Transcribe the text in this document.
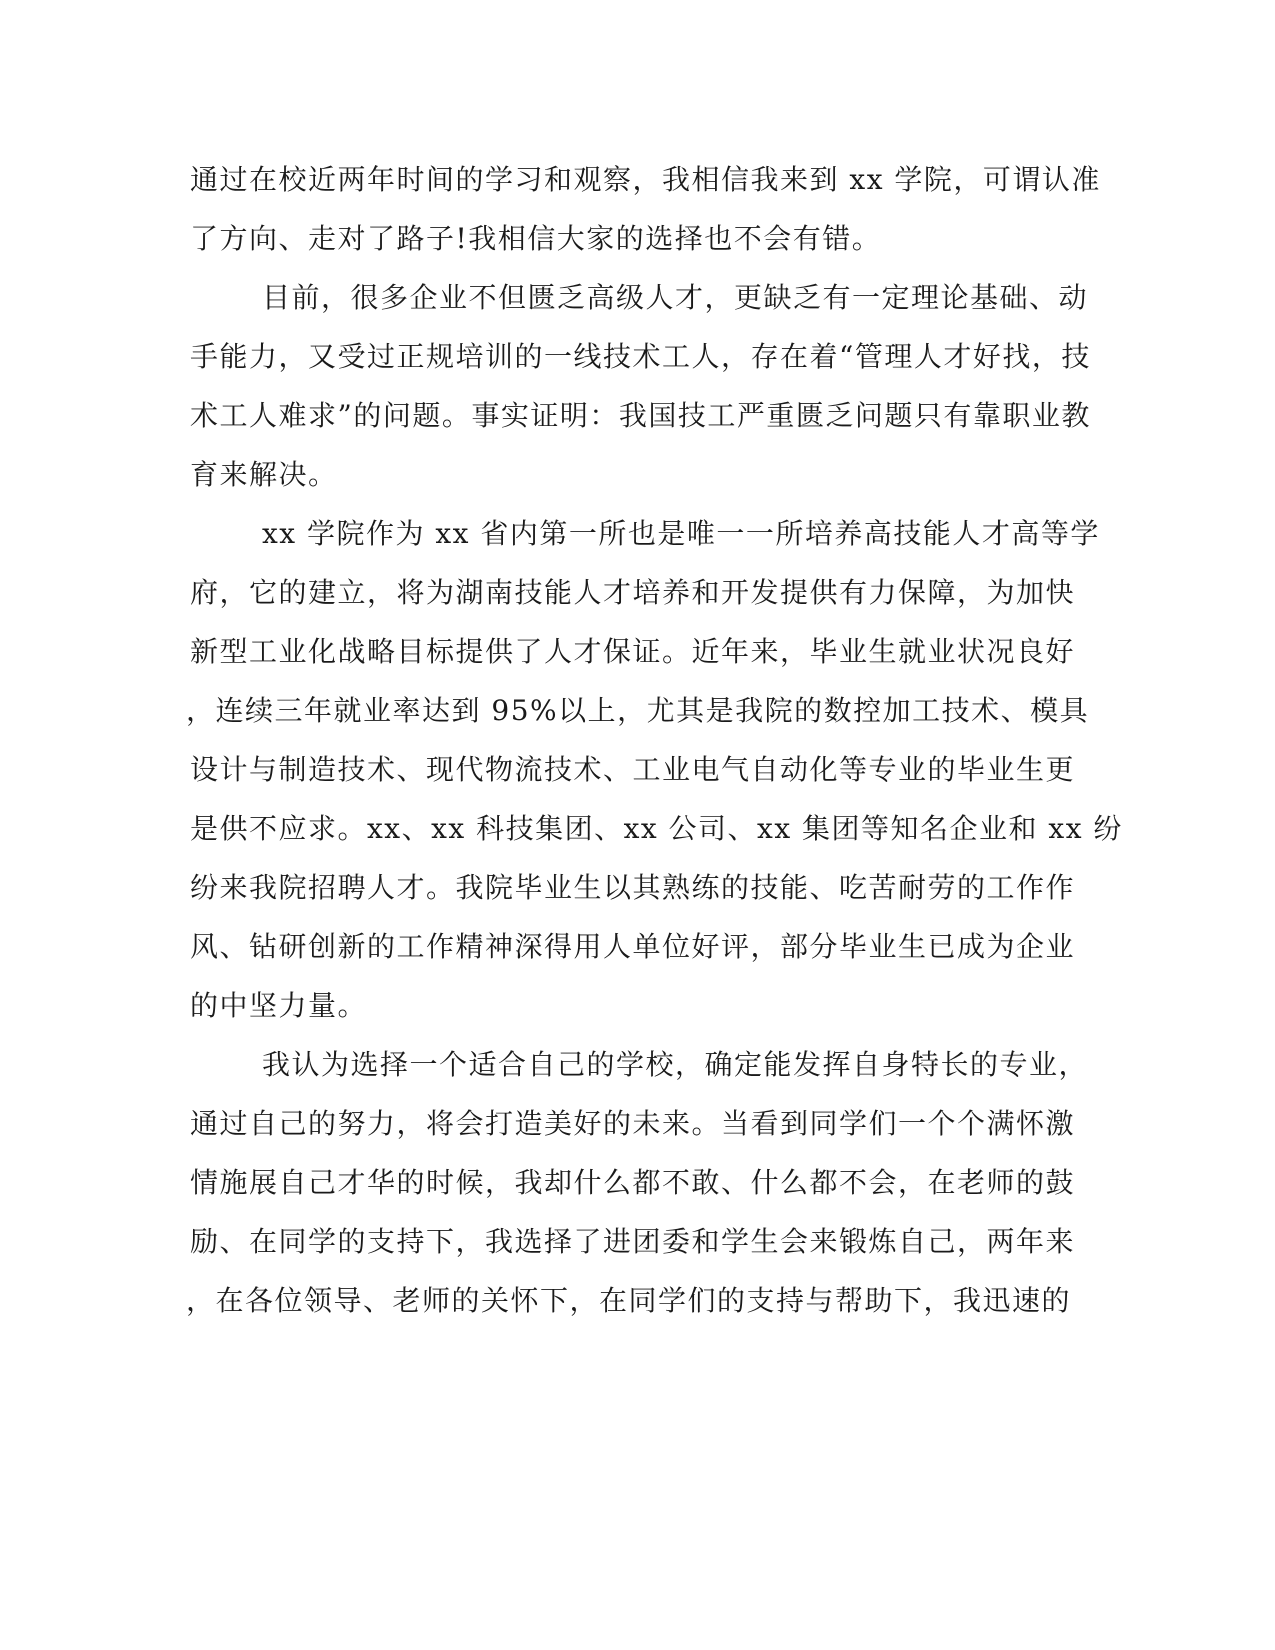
通过在校近两年时间的学习和观察，我相信我来到 xx 学院，可谓认准
了方向、走对了路子!我相信大家的选择也不会有错。
目前，很多企业不但匮乏高级人才，更缺乏有一定理论基础、动
手能力，又受过正规培训的一线技术工人，存在着“管理人才好找，技
术工人难求”的问题。事实证明：我国技工严重匮乏问题只有靠职业教
育来解决。
xx 学院作为 xx 省内第一所也是唯一一所培养高技能人才高等学
府，它的建立，将为湖南技能人才培养和开发提供有力保障，为加快
新型工业化战略目标提供了人才保证。近年来，毕业生就业状况良好
，连续三年就业率达到 95%以上，尤其是我院的数控加工技术、模具
设计与制造技术、现代物流技术、工业电气自动化等专业的毕业生更
是供不应求。xx、xx 科技集团、xx 公司、xx 集团等知名企业和 xx 纷
纷来我院招聘人才。我院毕业生以其熟练的技能、吃苦耐劳的工作作
风、钻研创新的工作精神深得用人单位好评，部分毕业生已成为企业
的中坚力量。
我认为选择一个适合自己的学校，确定能发挥自身特长的专业，
通过自己的努力，将会打造美好的未来。当看到同学们一个个满怀激
情施展自己才华的时候，我却什么都不敢、什么都不会，在老师的鼓
励、在同学的支持下，我选择了进团委和学生会来锻炼自己，两年来
，在各位领导、老师的关怀下，在同学们的支持与帮助下，我迅速的
